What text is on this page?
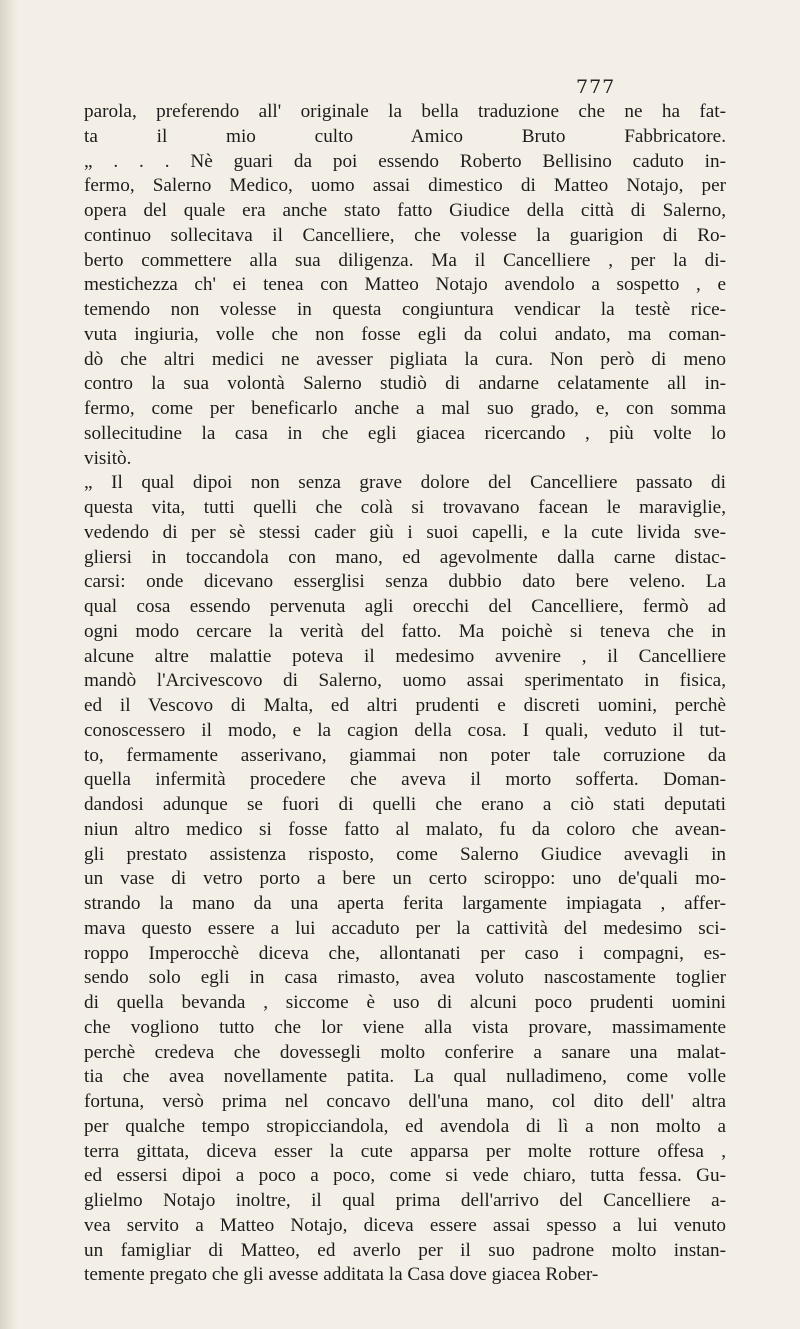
777
parola, preferendo all' originale la bella traduzione che ne ha fat-
ta il mio culto Amico Bruto Fabbricatore.
„ . . . Nè guari da poi essendo Roberto Bellisino caduto in-
fermo, Salerno Medico, uomo assai dimestico di Matteo Notajo, per
opera del quale era anche stato fatto Giudice della città di Salerno,
continuo sollecitava il Cancelliere, che volesse la guarigion di Ro-
berto commettere alla sua diligenza. Ma il Cancelliere , per la di-
mestichezza ch' ei tenea con Matteo Notajo avendolo a sospetto , e
temendo non volesse in questa congiuntura vendicar la testè rice-
vuta ingiuria, volle che non fosse egli da colui andato, ma coman-
dò che altri medici ne avesser pigliata la cura. Non però di meno
contro la sua volontà Salerno studiò di andarne celatamente all in-
fermo, come per beneficarlo anche a mal suo grado, e, con somma
sollecitudine la casa in che egli giacea ricercando , più volte lo
visitò.
„ Il qual dipoi non senza grave dolore del Cancelliere passato di
questa vita, tutti quelli che colà si trovavano facean le maraviglie,
vedendo di per sè stessi cader giù i suoi capelli, e la cute livida sve-
gliersi in toccandola con mano, ed agevolmente dalla carne distac-
carsi: onde dicevano esserglisi senza dubbio dato bere veleno. La
qual cosa essendo pervenuta agli orecchi del Cancelliere, fermò ad
ogni modo cercare la verità del fatto. Ma poichè si teneva che in
alcune altre malattie poteva il medesimo avvenire , il Cancelliere
mandò l'Arcivescovo di Salerno, uomo assai sperimentato in fisica,
ed il Vescovo di Malta, ed altri prudenti e discreti uomini, perchè
conoscessero il modo, e la cagion della cosa. I quali, veduto il tut-
to, fermamente asserivano, giammai non poter tale corruzione da
quella infermità procedere che aveva il morto sofferta. Doman-
dandosi adunque se fuori di quelli che erano a ciò stati deputati
niun altro medico si fosse fatto al malato, fu da coloro che avean-
gli prestato assistenza risposto, come Salerno Giudice avevagli in
un vase di vetro porto a bere un certo sciroppo: uno de'quali mo-
strando la mano da una aperta ferita largamente impiagata , affer-
mava questo essere a lui accaduto per la cattività del medesimo sci-
roppo Imperocchè diceva che, allontanati per caso i compagni, es-
sendo solo egli in casa rimasto, avea voluto nascostamente toglier
di quella bevanda , siccome è uso di alcuni poco prudenti uomini
che vogliono tutto che lor viene alla vista provare, massimamente
perchè credeva che dovessegli molto conferire a sanare una malat-
tia che avea novellamente patita. La qual nulladimeno, come volle
fortuna, versò prima nel concavo dell'una mano, col dito dell' altra
per qualche tempo stropicciandola, ed avendola di lì a non molto a
terra gittata, diceva esser la cute apparsa per molte rotture offesa ,
ed essersi dipoi a poco a poco, come si vede chiaro, tutta fessa. Gu-
glielmo Notajo inoltre, il qual prima dell'arrivo del Cancelliere a-
vea servito a Matteo Notajo, diceva essere assai spesso a lui venuto
un famigliar di Matteo, ed averlo per il suo padrone molto instan-
temente pregato che gli avesse additata la Casa dove giacea Rober-
